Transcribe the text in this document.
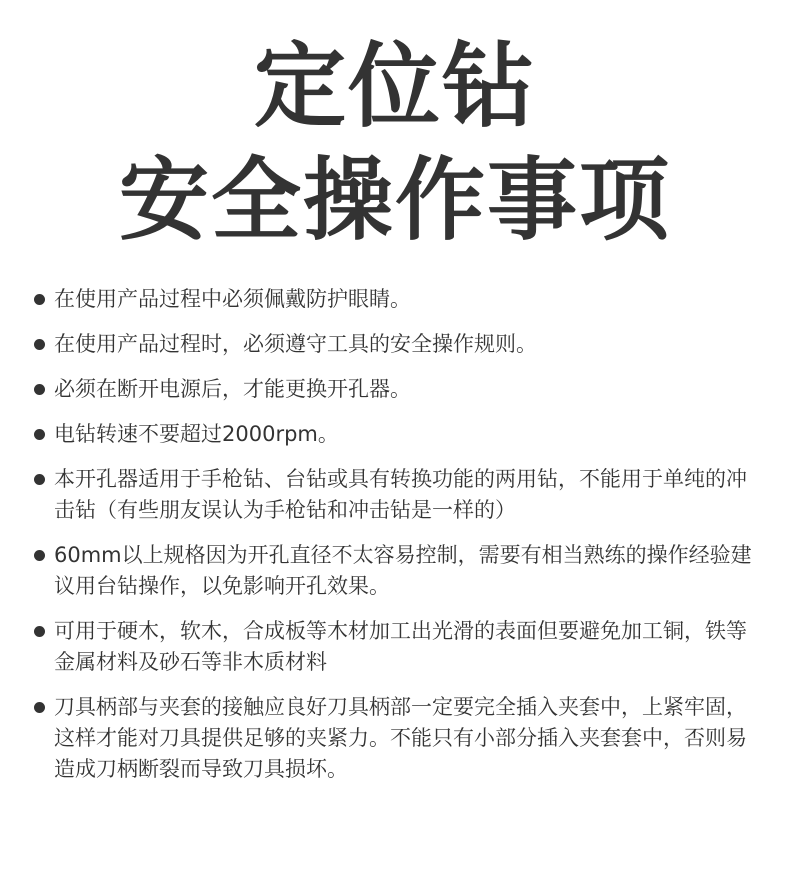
定位钻
安全操作事项
在使用产品过程中必须佩戴防护眼睛。
在使用产品过程时，必须遵守工具的安全操作规则。
必须在断开电源后，才能更换开孔器。
电钻转速不要超过2000rpm。
本开孔器适用于手枪钻、台钻或具有转换功能的两用钻，不能用于单纯的冲击钻（有些朋友误认为手枪钻和冲击钻是一样的）
60mm以上规格因为开孔直径不太容易控制，需要有相当熟练的操作经验建议用台钻操作，以免影响开孔效果。
可用于硬木，软木，合成板等木材加工出光滑的表面但要避免加工铜，铁等金属材料及砂石等非木质材料
刀具柄部与夹套的接触应良好刀具柄部一定要完全插入夹套中，上紧牢固，这样才能对刀具提供足够的夹紧力。不能只有小部分插入夹套套中，否则易造成刀柄断裂而导致刀具损坏。
